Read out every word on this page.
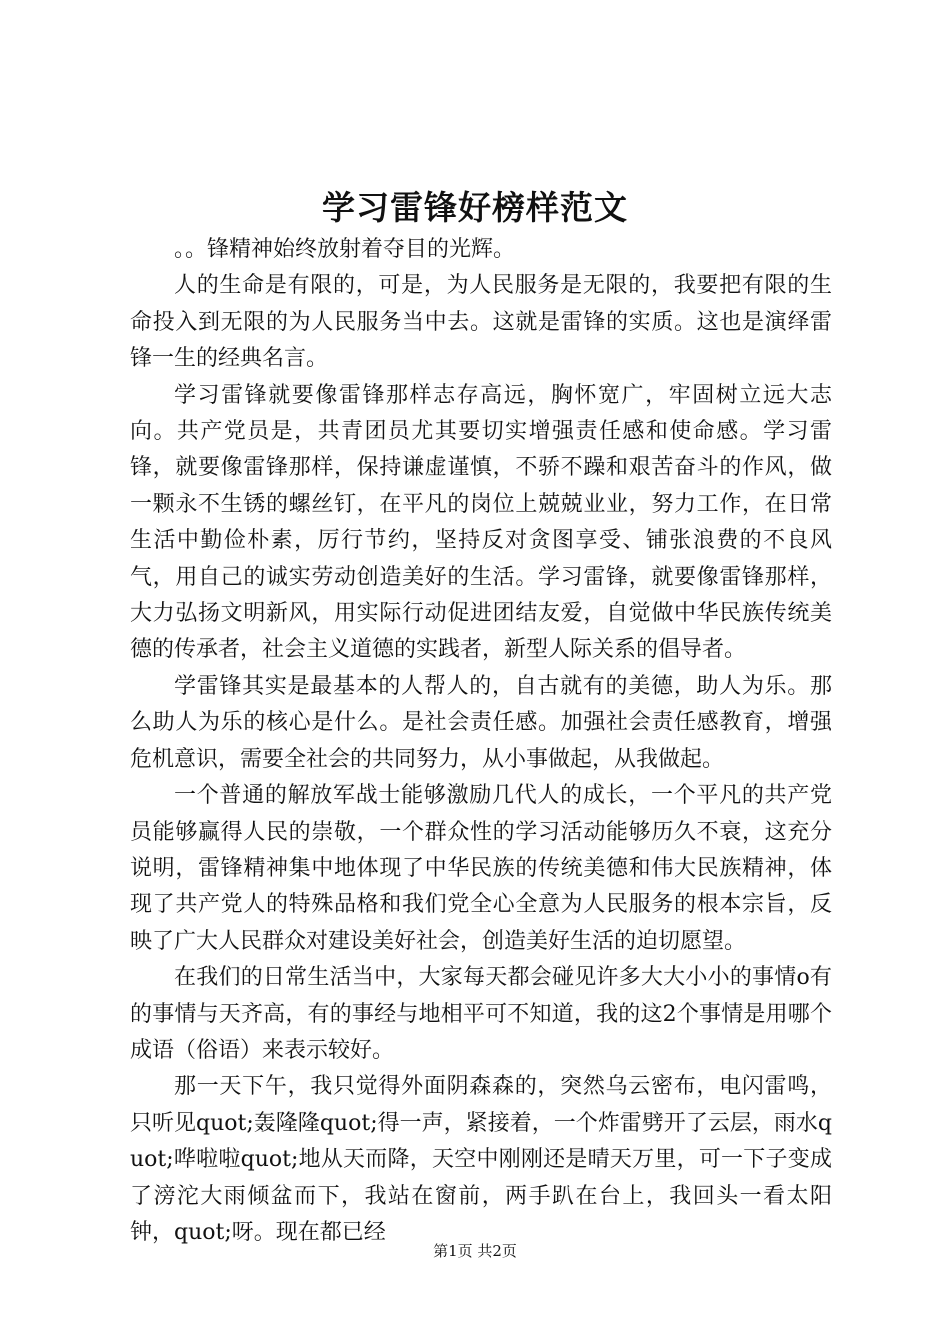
学习雷锋好榜样范文

。。锋精神始终放射着夺目的光辉。

人的生命是有限的，可是，为人民服务是无限的，我要把有限的生命投入到无限的为人民服务当中去。这就是雷锋的实质。这也是演绎雷锋一生的经典名言。

学习雷锋就要像雷锋那样志存高远，胸怀宽广，牢固树立远大志向。共产党员是，共青团员尤其要切实增强责任感和使命感。学习雷锋，就要像雷锋那样，保持谦虚谨慎，不骄不躁和艰苦奋斗的作风，做一颗永不生锈的螺丝钉，在平凡的岗位上兢兢业业，努力工作，在日常生活中勤俭朴素，厉行节约，坚持反对贪图享受、铺张浪费的不良风气，用自己的诚实劳动创造美好的生活。学习雷锋，就要像雷锋那样，大力弘扬文明新风，用实际行动促进团结友爱，自觉做中华民族传统美德的传承者，社会主义道德的实践者，新型人际关系的倡导者。

学雷锋其实是最基本的人帮人的，自古就有的美德，助人为乐。那么助人为乐的核心是什么。是社会责任感。加强社会责任感教育，增强危机意识，需要全社会的共同努力，从小事做起，从我做起。

一个普通的解放军战士能够激励几代人的成长，一个平凡的共产党员能够赢得人民的崇敬，一个群众性的学习活动能够历久不衰，这充分说明，雷锋精神集中地体现了中华民族的传统美德和伟大民族精神，体现了共产党人的特殊品格和我们党全心全意为人民服务的根本宗旨，反映了广大人民群众对建设美好社会，创造美好生活的迫切愿望。

在我们的日常生活当中，大家每天都会碰见许多大大小小的事情o有的事情与天齐高，有的事经与地相平可不知道，我的这2个事情是用哪个成语（俗语）来表示较好。

那一天下午，我只觉得外面阴森森的，突然乌云密布，电闪雷鸣，只听见quot;轰隆隆quot;得一声，紧接着，一个炸雷劈开了云层，雨水quot;哗啦啦quot;地从天而降，天空中刚刚还是晴天万里，可一下子变成了滂沱大雨倾盆而下，我站在窗前，两手趴在台上，我回头一看太阳钟，quot;呀。现在都已经

第1页 共2页
